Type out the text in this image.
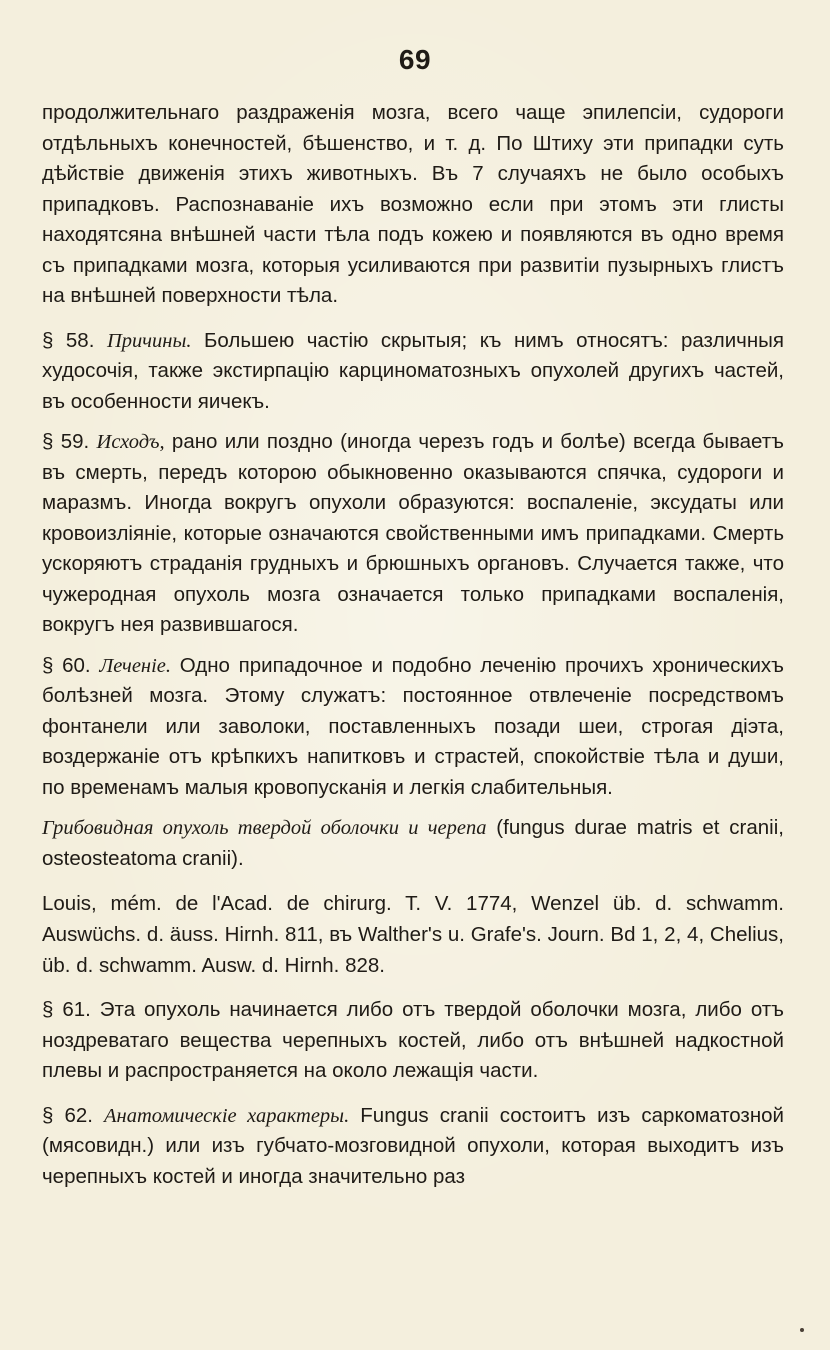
69

продолжительнаго раздраженія мозга, всего чаще эпилепсіи, судороги отдѣльныхъ конечностей, бѣшенство, и т. д. По Штиху эти припадки суть дѣйствіе движенія этихъ животныхъ. Въ 7 случаяхъ не было особыхъ припадковъ. Распознаваніе ихъ возможно если при этомъ эти глисты находятсяна внѣшней части тѣла подъ кожею и появляются въ одно время съ припадками мозга, которыя усиливаются при развитіи пузырныхъ глистъ на внѣшней поверхности тѣла.

§ 58. Причины. Большею частію скрытыя; къ нимъ относятъ: различныя худосочія, также экстирпацію карциноматозныхъ опухолей другихъ частей, въ особенности яичекъ.

§ 59. Исходъ, рано или поздно (иногда черезъ годъ и болѣе) всегда бываетъ въ смерть, передъ которою обыкновенно оказываются спячка, судороги и маразмъ. Иногда вокругъ опухоли образуются: воспаленіе, эксудаты или кровоизліяніе, которые означаются свойственными имъ припадками. Смерть ускоряютъ страданія грудныхъ и брюшныхъ органовъ. Случается также, что чужеродная опухоль мозга означается только припадками воспаленія, вокругъ нея развившагося.

§ 60. Леченіе. Одно припадочное и подобно леченію прочихъ хроническихъ болѣзней мозга. Этому служатъ: постоянное отвлеченіе посредствомъ фонтанели или заволоки, поставленныхъ позади шеи, строгая діэта, воздержаніе отъ крѣпкихъ напитковъ и страстей, спокойствіе тѣла и души, по временамъ малыя кровопусканія и легкія слабительныя.

Грибовидная опухоль твердой оболочки и черепа (fungus durae matris et cranii, osteosteatoma cranii).

Louis, mém. de l'Acad. de chirurg. T. V. 1774, Wenzel üb. d. schwamm. Auswüchs. d. äuss. Hirnh. 811, въ Walther's u. Grafe's. Journ. Bd 1, 2, 4, Chelius, üb. d. schwamm. Ausw. d. Hirnh. 828.

§ 61. Эта опухоль начинается либо отъ твердой оболочки мозга, либо отъ ноздреватаго вещества черепныхъ костей, либо отъ внѣшней надкостной плевы и распространяется на около лежащія части.

§ 62. Анатомическіе характеры. Fungus cranii состоитъ изъ саркоматозной (мясовидн.) или изъ губчато-мозговидной опухоли, которая выходитъ изъ черепныхъ костей и иногда значительно раз
